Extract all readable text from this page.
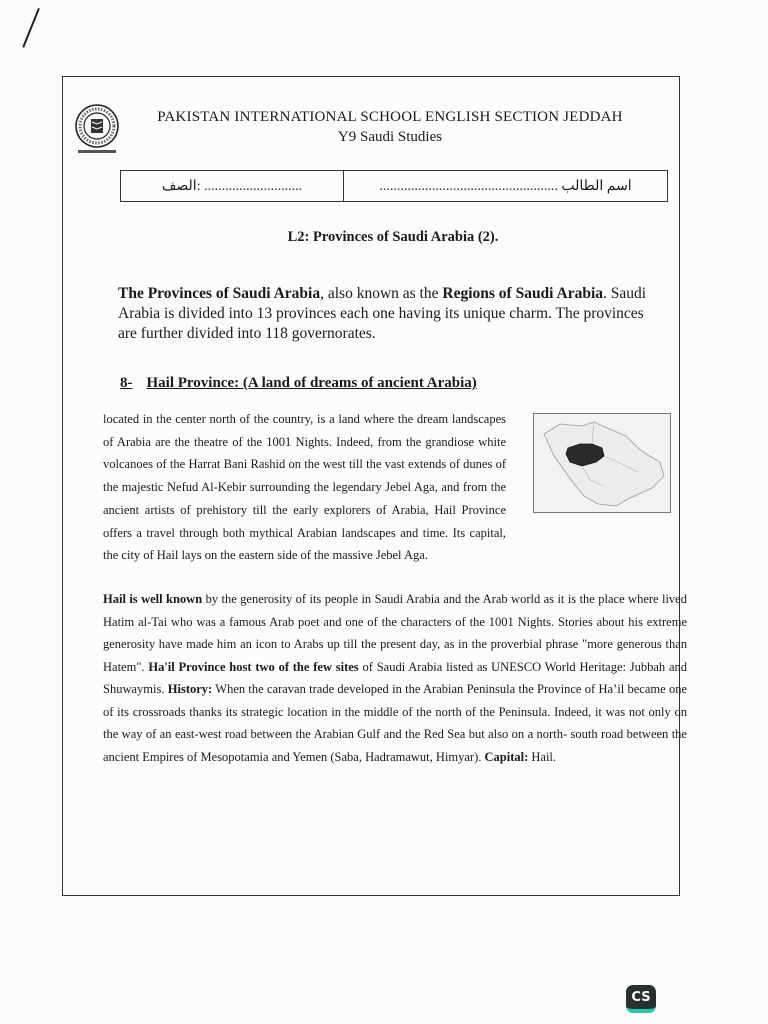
PAKISTAN INTERNATIONAL SCHOOL ENGLISH SECTION JEDDAH
Y9 Saudi Studies
............................ :الصف	اسم الطالب ...................................................
L2: Provinces of Saudi Arabia (2).
The Provinces of Saudi Arabia, also known as the Regions of Saudi Arabia. Saudi Arabia is divided into 13 provinces each one having its unique charm. The provinces are further divided into 118 governorates.
8- Hail Province: (A land of dreams of ancient Arabia)
located in the center north of the country, is a land where the dream landscapes of Arabia are the theatre of the 1001 Nights. Indeed, from the grandiose white volcanoes of the Harrat Bani Rashid on the west till the vast extends of dunes of the majestic Nefud Al-Kebir surrounding the legendary Jebel Aga, and from the ancient artists of prehistory till the early explorers of Arabia, Hail Province offers a travel through both mythical Arabian landscapes and time. Its capital, the city of Hail lays on the eastern side of the massive Jebel Aga.
Hail is well known by the generosity of its people in Saudi Arabia and the Arab world as it is the place where lived Hatim al-Tai who was a famous Arab poet and one of the characters of the 1001 Nights. Stories about his extreme generosity have made him an icon to Arabs up till the present day, as in the proverbial phrase "more generous than Hatem". Ha'il Province host two of the few sites of Saudi Arabia listed as UNESCO World Heritage: Jubbah and Shuwaymis. History: When the caravan trade developed in the Arabian Peninsula the Province of Ha’il became one of its crossroads thanks its strategic location in the middle of the north of the Peninsula. Indeed, it was not only on the way of an east-west road between the Arabian Gulf and the Red Sea but also on a north- south road between the ancient Empires of Mesopotamia and Yemen (Saba, Hadramawut, Himyar). Capital: Hail.
CS
